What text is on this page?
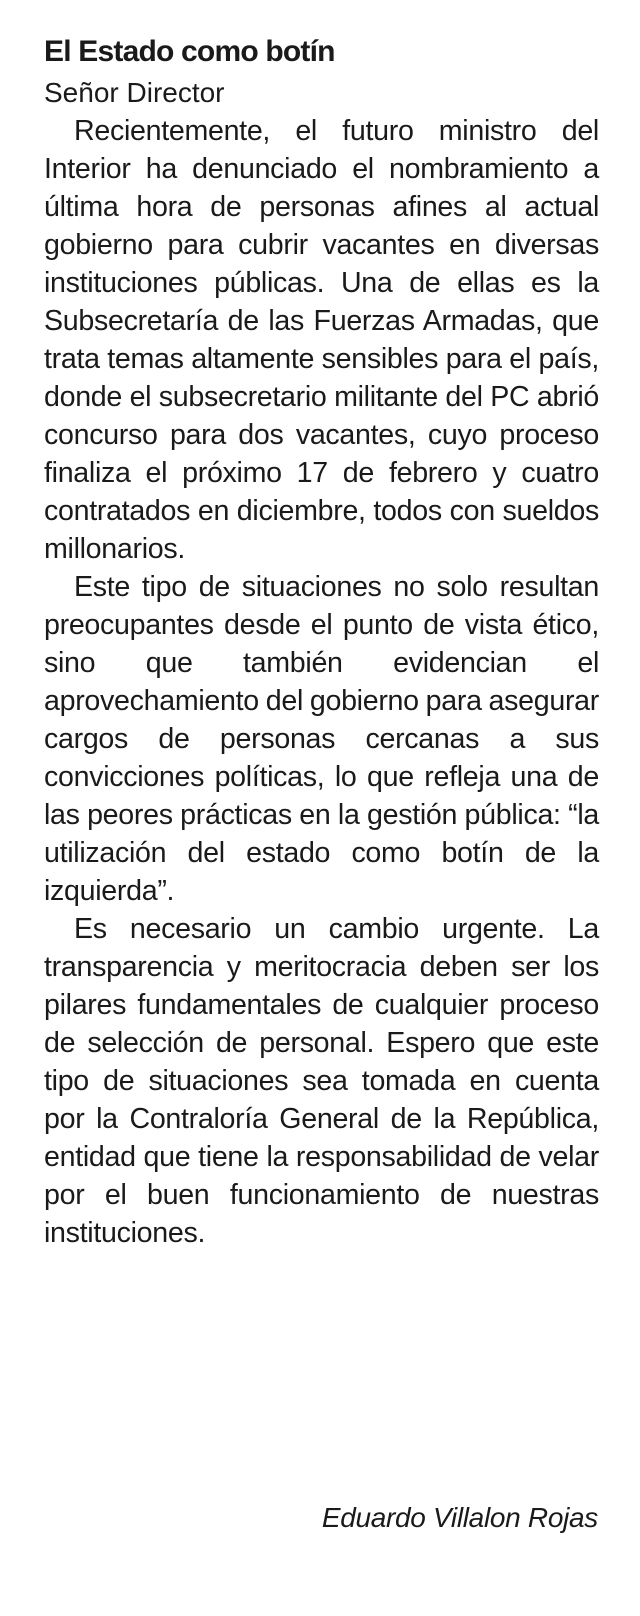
El Estado como botín

Señor Director

Recientemente, el futuro ministro del Interior ha denunciado el nombramiento a última hora de personas afines al actual gobierno para cubrir vacantes en diversas instituciones públicas. Una de ellas es la Subsecretaría de las Fuerzas Armadas, que trata temas altamente sensibles para el país, donde el subsecretario militante del PC abrió concurso para dos vacantes, cuyo proceso finaliza el próximo 17 de febrero y cuatro contratados en diciembre, todos con sueldos millonarios.

Este tipo de situaciones no solo resultan preocupantes desde el punto de vista ético, sino que también evidencian el aprovechamiento del gobierno para asegurar cargos de personas cercanas a sus convicciones políticas, lo que refleja una de las peores prácticas en la gestión pública: “la utilización del estado como botín de la izquierda”.

Es necesario un cambio urgente. La transparencia y meritocracia deben ser los pilares fundamentales de cualquier proceso de selección de personal. Espero que este tipo de situaciones sea tomada en cuenta por la Contraloría General de la República, entidad que tiene la responsabilidad de velar por el buen funcionamiento de nuestras instituciones.

Eduardo Villalon Rojas
